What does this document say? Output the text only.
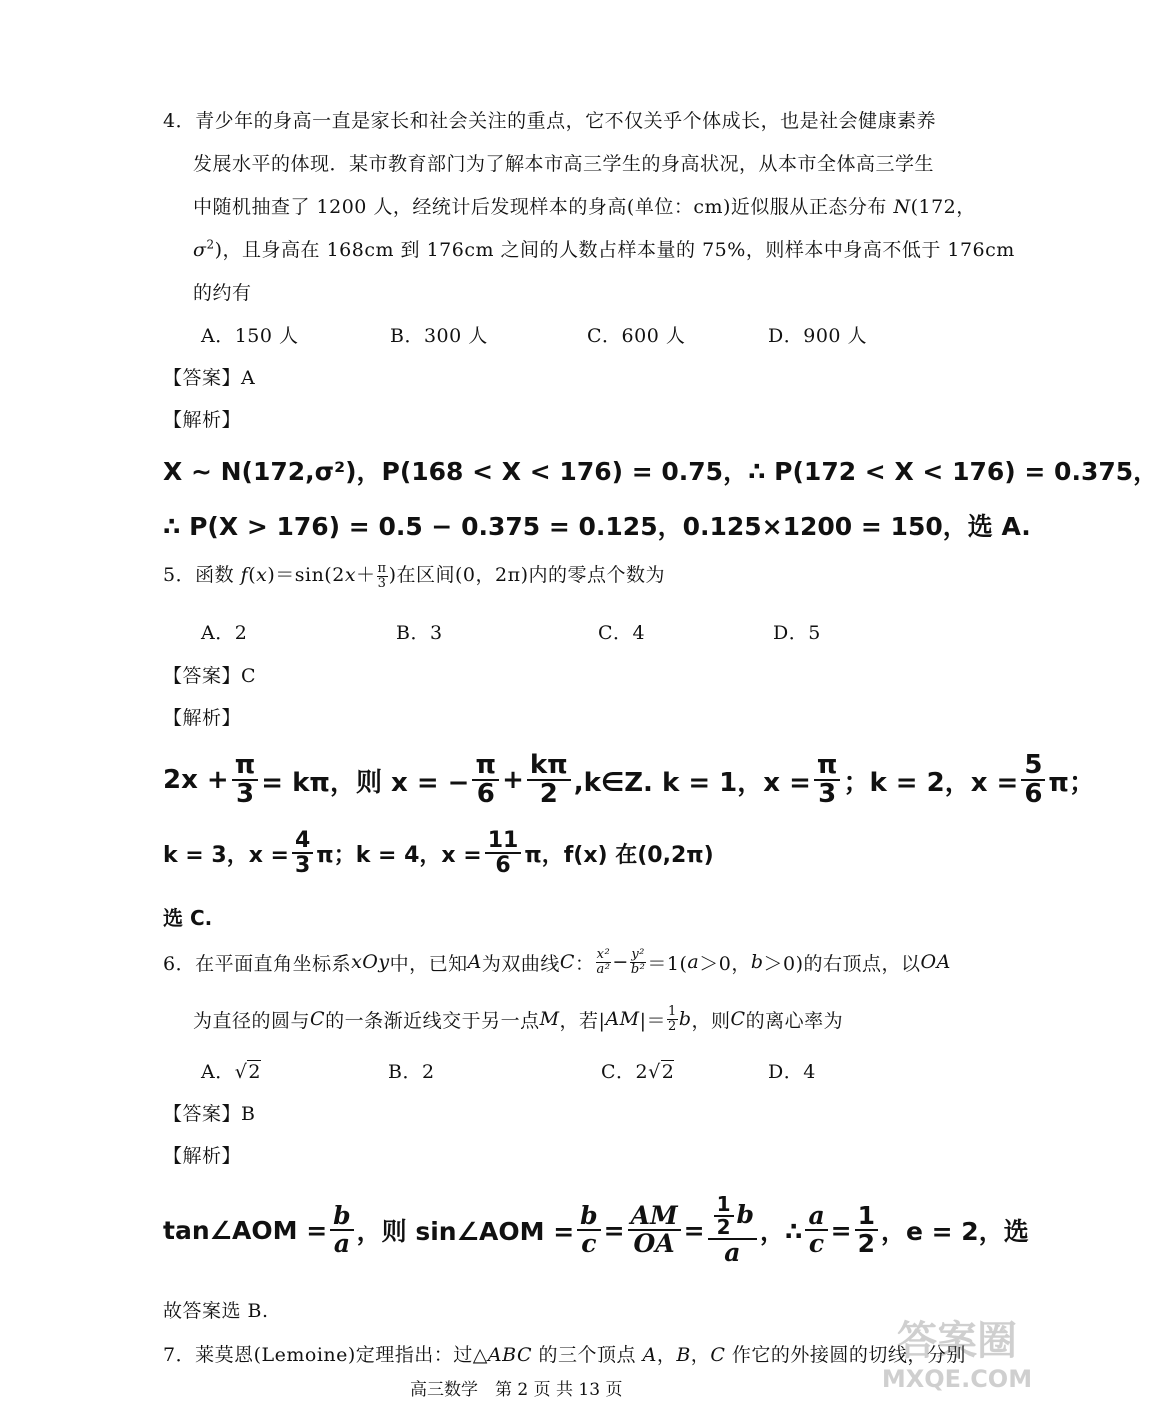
4．青少年的身高一直是家长和社会关注的重点，它不仅关乎个体成长，也是社会健康素养
发展水平的体现．某市教育部门为了解本市高三学生的身高状况，从本市全体高三学生
中随机抽查了 1200 人，经统计后发现样本的身高(单位：cm)近似服从正态分布 N(172，
$\sigma^2$)，且身高在 168cm 到 176cm 之间的人数占样本量的 75%，则样本中身高不低于 176cm
的约有
A．150 人	B．300 人	C．600 人	D．900 人
【答案】A
【解析】
X ~ N(172,σ²)，P(168 < X < 176) = 0.75，∴ P(172 < X < 176) = 0.375，
∴ P(X > 176) = 0.5 − 0.375 = 0.125，0.125×1200 = 150，选 A.
5．函数 $f(x)=\sin(2x+ \frac{\pi}{3}$ )在区间(0，2π)内的零点个数为
A．2	B．3	C．4	D．5
【答案】C
【解析】
$2x + \frac{\pi}{3} = k\pi$，则 x = − $\frac{\pi}{6} + \frac{k\pi}{2}$ ,k∈Z. k = 1，$x = \frac{\pi}{3}$ ；k = 2，$x = \frac{5}{6}$ π；
k = 3，$x = \frac{4}{3}$ π；k = 4，$x = \frac{11}{6}$ π，f(x) 在(0,2π)
选 C.
6．在平面直角坐标系 xOy 中，已知 A 为双曲线 C ： $\frac{\text{x²}}{\text{a²}} - \frac{\text{y²}}{\text{b²}} =1$( a ＞0， b ＞0)的右顶点，以 OA
为直径的圆与 C 的一条渐近线交于另一点 M ，若| AM |＝ $\frac{1}{2}$ b ，则 C 的离心率为
A．√2	B．2	C．2√2	D．4
【答案】B
【解析】
tan∠AOM = $\frac{b}{a}$ ，则 sin∠AOM = $\frac{b}{c} = \frac{AM}{OA} = \frac{\frac{1}{2} b}{a}$ ，∴ $\frac{a}{c} = \frac{1}{2}$ ，e = 2，选
故答案选 B.
7．莱莫恩(Lemoine)定理指出：过△ABC 的三个顶点 A，B，C 作它的外接圆的切线，分别
高三数学　第 2 页 共 13 页
答案圈
MXQE.COM
